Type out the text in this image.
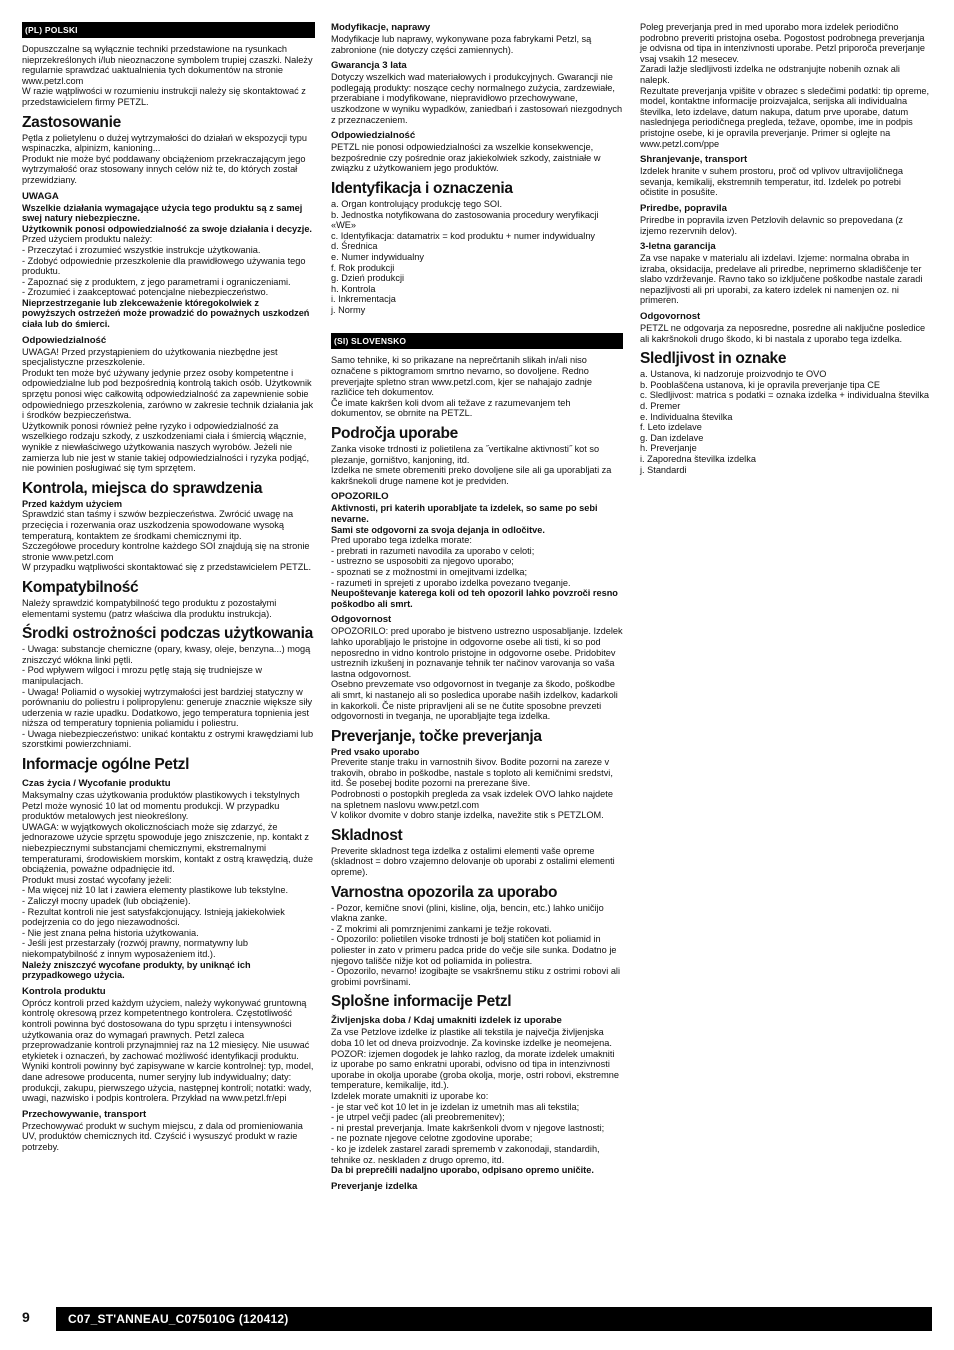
(PL) POLSKI

Dopuszczalne są wyłącznie techniki przedstawione na rysunkach nieprzekreślonych i/lub nieoznaczone symbolem trupiej czaszki. Należy regularnie sprawdzać uaktualnienia tych dokumentów na stronie www.petzl.com
W razie wątpliwości w rozumieniu instrukcji należy się skontaktować z przedstawicielem firmy PETZL.

Zastosowanie

Pętla z polietylenu o dużej wytrzymałości do działań w ekspozycji typu wspinaczka, alpinizm, kanioning...
Produkt nie może być poddawany obciążeniom przekraczającym jego wytrzymałość oraz stosowany innych celów niż te, do których został przewidziany.

UWAGA

Wszelkie działania wymagające użycia tego produktu są z samej swej natury niebezpieczne.
Użytkownik ponosi odpowiedzialność za swoje działania i decyzje.

Przed użyciem produktu należy:
- Przeczytać i zrozumieć wszystkie instrukcje użytkowania.
- Zdobyć odpowiednie przeszkolenie dla prawidłowego używania tego produktu.
- Zapoznać się z produktem, z jego parametrami i ograniczeniami.
- Zrozumieć i zaakceptować potencjalne niebezpieczeństwo.

Nieprzestrzeganie lub zlekceważenie któregokolwiek z powyższych ostrzeżeń może prowadzić do poważnych uszkodzeń ciała lub do śmierci.

Odpowiedzialność

UWAGA! Przed przystąpieniem do użytkowania niezbędne jest specjalistyczne przeszkolenie.
Produkt ten może być używany jedynie przez osoby kompetentne i odpowiedzialne lub pod bezpośrednią kontrolą takich osób. Użytkownik sprzętu ponosi więc całkowitą odpowiedzialność za zapewnienie sobie odpowiedniego przeszkolenia, zarówno w zakresie technik działania jak i środków bezpieczeństwa.
Użytkownik ponosi również pełne ryzyko i odpowiedzialność za wszelkiego rodzaju szkody, z uszkodzeniami ciała i śmiercią włącznie, wynikłe z niewłaściwego użytkowania naszych wyrobów. Jeżeli nie zamierza lub nie jest w stanie takiej odpowiedzialności i ryzyka podjąć, nie powinien posługiwać się tym sprzętem.

Kontrola, miejsca do sprawdzenia

Przed każdym użyciem

Sprawdzić stan taśmy i szwów bezpieczeństwa. Zwrócić uwagę na przecięcia i rozerwania oraz uszkodzenia spowodowane wysoką temperaturą, kontaktem ze środkami chemicznymi itp.
Szczegółowe procedury kontrolne każdego SOI znajdują się na stronie stronie www.petzl.com
W przypadku wątpliwości skontaktować się z przedstawicielem PETZL.

Kompatybilność

Należy sprawdzić kompatybilność tego produktu z pozostałymi elementami systemu (patrz właściwa dla produktu instrukcja).

Środki ostrożności podczas użytkowania

- Uwaga: substancje chemiczne (opary, kwasy, oleje, benzyna...) mogą zniszczyć włókna linki pętli.
- Pod wpływem wilgoci i mrozu pętlę stają się trudniejsze w manipulacjach.
- Uwaga! Poliamid o wysokiej wytrzymałości jest bardziej statyczny w porównaniu do poliestru i polipropylenu: generuje znacznie większe siły uderzenia w razie upadku. Dodatkowo, jego temperatura topnienia jest niższa od temperatury topnienia poliamidu i poliestru.
- Uwaga niebezpieczeństwo: unikać kontaktu z ostrymi krawędziami lub szorstkimi powierzchniami.

Informacje ogólne Petzl
Czas życia / Wycofanie produktu

Maksymalny czas użytkowania produktów plastikowych i tekstylnych Petzl może wynosić 10 lat od momentu produkcji. W przypadku produktów metalowych jest nieokreślony.
UWAGA: w wyjątkowych okolicznościach może się zdarzyć, że jednorazowe użycie sprzętu spowoduje jego zniszczenie, np. kontakt z niebezpiecznymi substancjami chemicznymi, ekstremalnymi temperaturami, środowiskiem morskim, kontakt z ostrą krawędzią, duże obciążenia, poważne odpadnięcie itd.
Produkt musi zostać wycofany jeżeli:
- Ma więcej niż 10 lat i zawiera elementy plastikowe lub tekstylne.
- Zaliczył mocny upadek (lub obciążenie).
- Rezultat kontroli nie jest satysfakcjonujący. Istnieją jakiekolwiek podejrzenia co do jego niezawodności.
- Nie jest znana pełna historia użytkowania.
- Jeśli jest przestarzały (rozwój prawny, normatywny lub niekompatybilność z innym wyposażeniem itd.).

Należy zniszczyć wycofane produkty, by uniknąć ich przypadkowego użycia.

Kontrola produktu

Oprócz kontroli przed każdym użyciem, należy wykonywać gruntowną kontrolę okresową przez kompetentnego kontrolera. Częstotliwość kontroli powinna być dostosowana do typu sprzętu i intensywności użytkowania oraz do wymagań prawnych. Petzl zaleca przeprowadzanie kontroli przynajmniej raz na 12 miesięcy. Nie usuwać etykietek i oznaczeń, by zachować możliwość identyfikacji produktu.
Wyniki kontroli powinny być zapisywane w karcie kontrolnej: typ, model, dane adresowe producenta, numer seryjny lub indywidualny; daty: produkcji, zakupu, pierwszego użycia, następnej kontroli; notatki: wady, uwagi, nazwisko i podpis kontrolera. Przykład na www.petzl.fr/epi

Przechowywanie, transport

Przechowywać produkt w suchym miejscu, z dala od promieniowania UV, produktów chemicznych itd. Czyścić i wysuszyć produkt w razie potrzeby.

Modyfikacje, naprawy

Modyfikacje lub naprawy, wykonywane poza fabrykami Petzl, są zabronione (nie dotyczy części zamiennych).

Gwarancja 3 lata

Dotyczy wszelkich wad materiałowych i produkcyjnych. Gwarancji nie podlegają produkty: noszące cechy normalnego zużycia, zardzewiałe, przerabiane i modyfikowane, niepravidłowo przechowywane, uszkodzone w wyniku wypadków, zaniedbań i zastosowań niezgodnych z przeznaczeniem.

Odpowiedzialność

PETZL nie ponosi odpowiedzialności za wszelkie konsekwencje, bezpośrednie czy pośrednie oraz jakiekolwiek szkody, zaistniałe w związku z użytkowaniem jego produktów.

Identyfikacja i oznaczenia

a. Organ kontrolujący produkcję tego SOI.
b. Jednostka notyfikowana do zastosowania procedury weryfikacji «WE»
c. Identyfikacja: datamatrix = kod produktu + numer indywidualny
d. Średnica
e. Numer indywidualny
f. Rok produkcji
g. Dzień produkcji
h. Kontrola
i. Inkrementacja
j. Normy

(SI) SLOVENSKO

Samo tehnike, ki so prikazane na neprečrtanih slikah in/ali niso označene s piktogramom smrtno nevarno, so dovoljene. Redno preverjajte spletno stran www.petzl.com, kjer se nahajajo zadnje različice teh dokumentov.
Če imate kakršen koli dvom ali težave z razumevanjem teh dokumentov, se obrnite na PETZL.

Področja uporabe

Zanka visoke trdnosti iz polietilena za ˝vertikalne aktivnosti˝ kot so plezanje, gorništvo, kanjoning, itd.
Izdelka ne smete obremeniti preko dovoljene sile ali ga uporabljati za kakršnekoli druge namene kot je predviden.

OPOZORILO

Aktivnosti, pri katerih uporabljate ta izdelek, so same po sebi nevarne.
Sami ste odgovorni za svoja dejanja in odločitve.

Pred uporabo tega izdelka morate:
- prebrati in razumeti navodila za uporabo v celoti;
- ustrezno se usposobiti za njegovo uporabo;
- spoznati se z možnostmi in omejitvami izdelka;
- razumeti in sprejeti z uporabo izdelka povezano tveganje.

Neupoštevanje katerega koli od teh opozoril lahko povzroči resno poškodbo ali smrt.

Odgovornost

OPOZORILO: pred uporabo je bistveno ustrezno usposabljanje. Izdelek lahko uporabljajo le pristojne in odgovorne osebe ali tisti, ki so pod neposredno in vidno kontrolo pristojne in odgovorne osebe. Pridobitev ustreznih izkušenj in poznavanje tehnik ter načinov varovanja so vaša lastna odgovornost.
Osebno prevzemate vso odgovornost in tveganje za škodo, poškodbe ali smrt, ki nastanejo ali so posledica uporabe naših izdelkov, kadarkoli in kakorkoli. Če niste pripravljeni ali se ne čutite sposobne prevzeti odgovornosti in tveganja, ne uporabljajte tega izdelka.

Preverjanje, točke preverjanja

Pred vsako uporabo

Preverite stanje traku in varnostnih šivov. Bodite pozorni na zareze v trakovih, obrabo in poškodbe, nastale s toploto ali kemičnimi sredstvi, itd. Še posebej bodite pozorni na prerezane šive.
Podrobnosti o postopkih pregleda za vsak izdelek OVO lahko najdete na spletnem naslovu www.petzl.com
V kolikor dvomite v dobro stanje izdelka, navežite stik s PETZLOM.

Skladnost

Preverite skladnost tega izdelka z ostalimi elementi vaše opreme (skladnost = dobro vzajemno delovanje ob uporabi z ostalimi elementi opreme).

Varnostna opozorila za uporabo

- Pozor, kemične snovi (plini, kisline, olja, bencin, etc.) lahko uničijo vlakna zanke.
- Z mokrimi ali pomrznjenimi zankami je težje rokovati.
- Opozorilo: polietilen visoke trdnosti je bolj statičen kot poliamid in poliester in zato v primeru padca pride do večje sile sunka. Dodatno je njegovo tališče nižje kot od poliamida in poliestra.
- Opozorilo, nevarno! izogibajte se vsakršnemu stiku z ostrimi robovi ali grobimi površinami.

Splošne informacije Petzl
Življenjska doba / Kdaj umakniti izdelek iz uporabe

Za vse Petzlove izdelke iz plastike ali tekstila je največja življenjska doba 10 let od dneva proizvodnje. Za kovinske izdelke je neomejena.
POZOR: izjemen dogodek je lahko razlog, da morate izdelek umakniti iz uporabe po samo enkratni uporabi, odvisno od tipa in intenzivnosti uporabe in okolja uporabe (groba okolja, morje, ostri robovi, ekstremne temperature, kemikalije, itd.).
Izdelek morate umakniti iz uporabe ko:
- je star več kot 10 let in je izdelan iz umetnih mas ali tekstila;
- je utrpel večji padec (ali preobremenitev);
- ni prestal preverjanja. Imate kakršenkoli dvom v njegove lastnosti;
- ne poznate njegove celotne zgodovine uporabe;
- ko je izdelek zastarel zaradi sprememb v zakonodaji, standardih, tehnike oz. neskladen z drugo opremo, itd.

Da bi preprečili nadaljno uporabo, odpisano opremo uničite.

Preverjanje izdelka

Poleg preverjanja pred in med uporabo mora izdelek periodično podrobno preveriti pristojna oseba. Pogostost podrobnega preverjanja je odvisna od tipa in intenzivnosti uporabe. Petzl priporoča preverjanje vsaj vsakih 12 mesecev.
Zaradi lažje sledljivosti izdelka ne odstranjujte nobenih oznak ali nalepk.
Rezultate preverjanja vpišite v obrazec s sledečimi podatki: tip opreme, model, kontaktne informacije proizvajalca, serijska ali individualna številka, leto izdelave, datum nakupa, datum prve uporabe, datum naslednjega periodičnega pregleda, težave, opombe, ime in podpis pristojne osebe, ki je opravila preverjanje. Primer si oglejte na www.petzl.com/ppe

Shranjevanje, transport

Izdelek hranite v suhem prostoru, proč od vplivov ultravijoličnega sevanja, kemikalij, ekstremnih temperatur, itd. Izdelek po potrebi očistite in posušite.

Priredbe, popravila

Priredbe in popravila izven Petzlovih delavnic so prepovedana (z izjemo rezervnih delov).

3-letna garancija

Za vse napake v materialu ali izdelavi. Izjeme: normalna obraba in izraba, oksidacija, predelave ali priredbe, neprimerno skladiščenje ter slabo vzdrževanje. Ravno tako so izključene poškodbe nastale zaradi nepazljivosti ali pri uporabi, za katero izdelek ni namenjen oz. ni primeren.

Odgovornost

PETZL ne odgovarja za neposredne, posredne ali naključne posledice ali kakršnokoli drugo škodo, ki bi nastala z uporabo tega izdelka.

Sledljivost in oznake

a. Ustanova, ki nadzoruje proizvodnjo te OVO
b. Pooblaščena ustanova, ki je opravila preverjanje tipa CE
c. Sledljivost: matrica s podatki = oznaka izdelka + individualna številka
d. Premer
e. Individualna številka
f. Leto izdelave
g. Dan izdelave
h. Preverjanje
i. Zaporedna številka izdelka
j. Standardi

9	C07_ST'ANNEAU_C075010G (120412)
